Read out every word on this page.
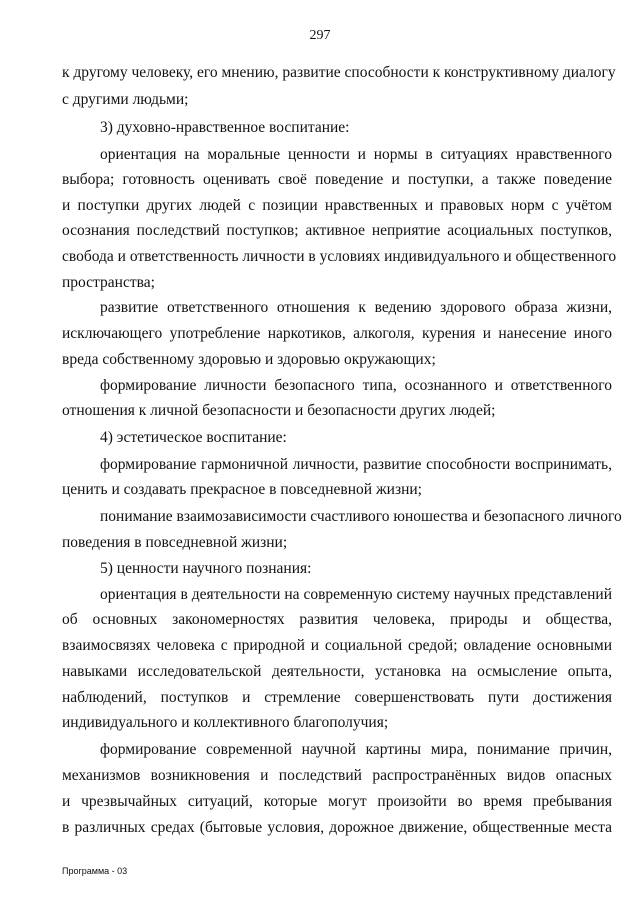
297
к другому человеку, его мнению, развитие способности к конструктивному диалогу
с другими людьми;
3) духовно-нравственное воспитание:
ориентация на моральные ценности и нормы в ситуациях нравственного
выбора; готовность оценивать своё поведение и поступки, а также поведение
и поступки других людей с позиции нравственных и правовых норм с учётом
осознания последствий поступков; активное неприятие асоциальных поступков,
свобода и ответственность личности в условиях индивидуального и общественного
пространства;
развитие ответственного отношения к ведению здорового образа жизни,
исключающего употребление наркотиков, алкоголя, курения и нанесение иного
вреда собственному здоровью и здоровью окружающих;
формирование личности безопасного типа, осознанного и ответственного
отношения к личной безопасности и безопасности других людей;
4) эстетическое воспитание:
формирование гармоничной личности, развитие способности воспринимать,
ценить и создавать прекрасное в повседневной жизни;
понимание взаимозависимости счастливого юношества и безопасного личного
поведения в повседневной жизни;
5) ценности научного познания:
ориентация в деятельности на современную систему научных представлений
об основных закономерностях развития человека, природы и общества,
взаимосвязях человека с природной и социальной средой; овладение основными
навыками исследовательской деятельности, установка на осмысление опыта,
наблюдений, поступков и стремление совершенствовать пути достижения
индивидуального и коллективного благополучия;
формирование современной научной картины мира, понимание причин,
механизмов возникновения и последствий распространённых видов опасных
и чрезвычайных ситуаций, которые могут произойти во время пребывания
в различных средах (бытовые условия, дорожное движение, общественные места
Программа - 03
